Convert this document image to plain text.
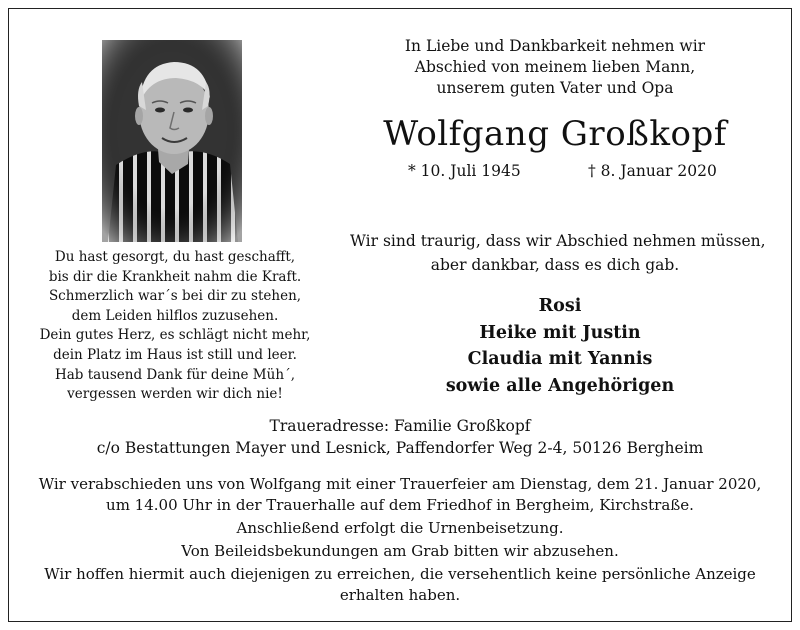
In Liebe und Dankbarkeit nehmen wir
Abschied von meinem lieben Mann,
unserem guten Vater und Opa
Wolfgang Großkopf
* 10. Juli 1945	† 8. Januar 2020
Wir sind traurig, dass wir Abschied nehmen müssen,
aber dankbar, dass es dich gab.
Rosi
Heike mit Justin
Claudia mit Yannis
sowie alle Angehörigen
Du hast gesorgt, du hast geschafft,
bis dir die Krankheit nahm die Kraft.
Schmerzlich war´s bei dir zu stehen,
dem Leiden hilflos zuzusehen.
Dein gutes Herz, es schlägt nicht mehr,
dein Platz im Haus ist still und leer.
Hab tausend Dank für deine Müh´,
vergessen werden wir dich nie!
Traueradresse: Familie Großkopf
c/o Bestattungen Mayer und Lesnick, Paffendorfer Weg 2-4, 50126 Bergheim

Wir verabschieden uns von Wolfgang mit einer Trauerfeier am Dienstag, dem 21. Januar 2020,
um 14.00 Uhr in der Trauerhalle auf dem Friedhof in Bergheim, Kirchstraße.

Anschließend erfolgt die Urnenbeisetzung.

Von Beileidsbekundungen am Grab bitten wir abzusehen.

Wir hoffen hiermit auch diejenigen zu erreichen, die versehentlich keine persönliche Anzeige
erhalten haben.
